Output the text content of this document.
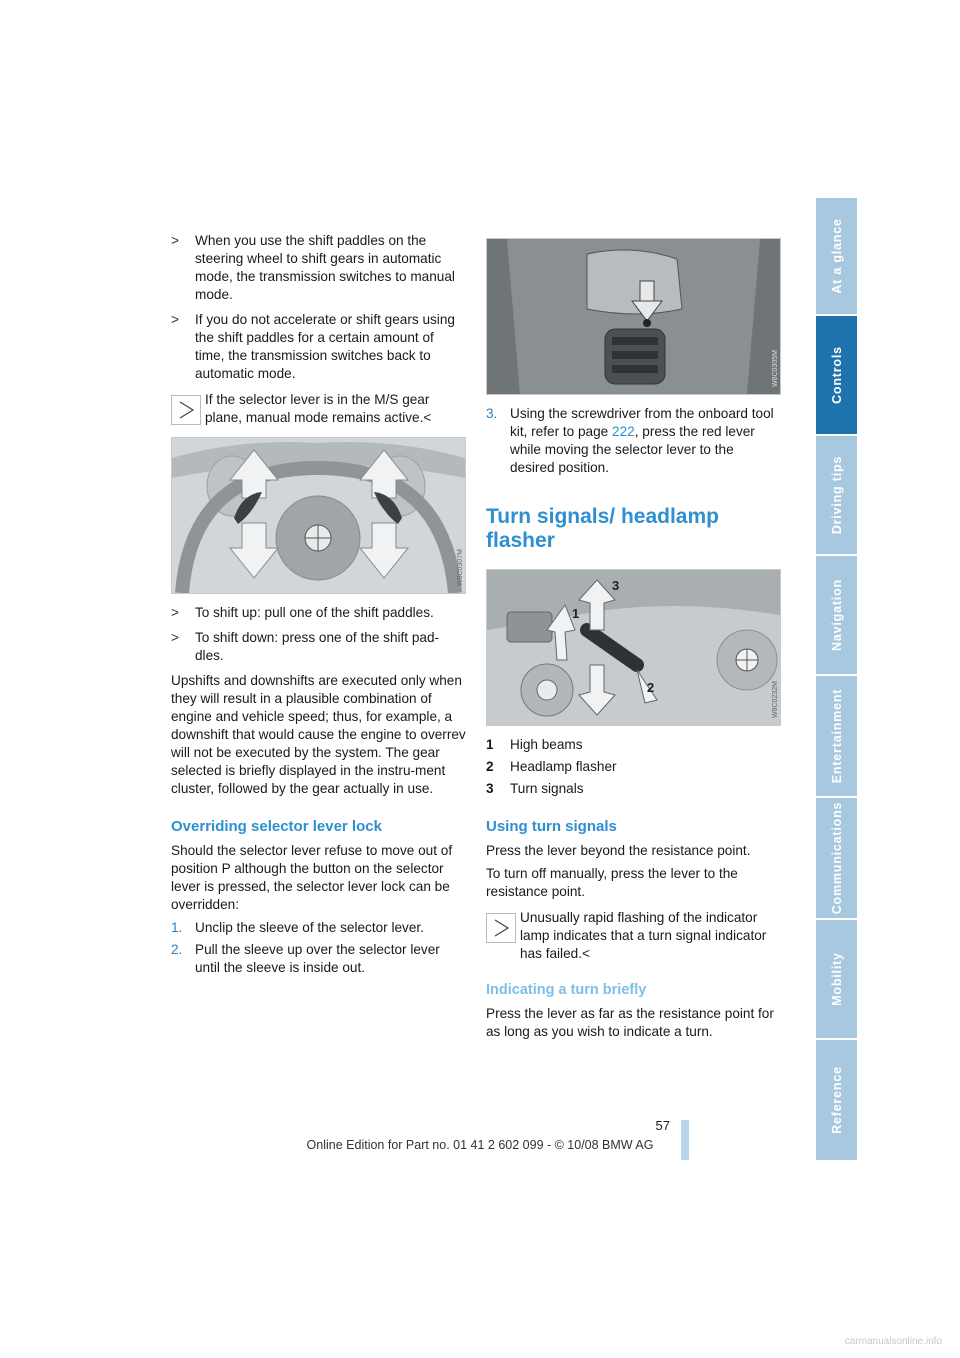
> When you use the shift paddles on the steering wheel to shift gears in automatic mode, the transmission switches to manual mode.
> If you do not accelerate or shift gears using the shift paddles for a certain amount of time, the transmission switches back to automatic mode.
If the selector lever is in the M/S gear plane, manual mode remains active.<
W8C0307M
> To shift up: pull one of the shift paddles.
> To shift down: press one of the shift pad-dles.

Upshifts and downshifts are executed only when they will result in a plausible combination of engine and vehicle speed; thus, for example, a downshift that would cause the engine to overrev will not be executed by the system. The gear selected is briefly displayed in the instru-ment cluster, followed by the gear actually in use.

Overriding selector lever lock

Should the selector lever refuse to move out of position P although the button on the selector lever is pressed, the selector lever lock can be overridden:

1. Unclip the sleeve of the selector lever.
2. Pull the sleeve up over the selector lever until the sleeve is inside out.
W8C0305M
3. Using the screwdriver from the onboard tool kit, refer to page 222, press the red lever while moving the selector lever to the desired position.
Turn signals/ headlamp flasher
1
2
3
W8C0232M
1 High beams
2 Headlamp flasher
3 Turn signals
Using turn signals

Press the lever beyond the resistance point.

To turn off manually, press the lever to the resistance point.

Unusually rapid flashing of the indicator lamp indicates that a turn signal indicator has failed.<
Indicating a turn briefly

Press the lever as far as the resistance point for as long as you wish to indicate a turn.

At a glance
Controls
Driving tips
Navigation
Entertainment
Communications
Mobility
Reference
57
Online Edition for Part no. 01 41 2 602 099 - © 10/08 BMW AG
carmanualsonline.info
